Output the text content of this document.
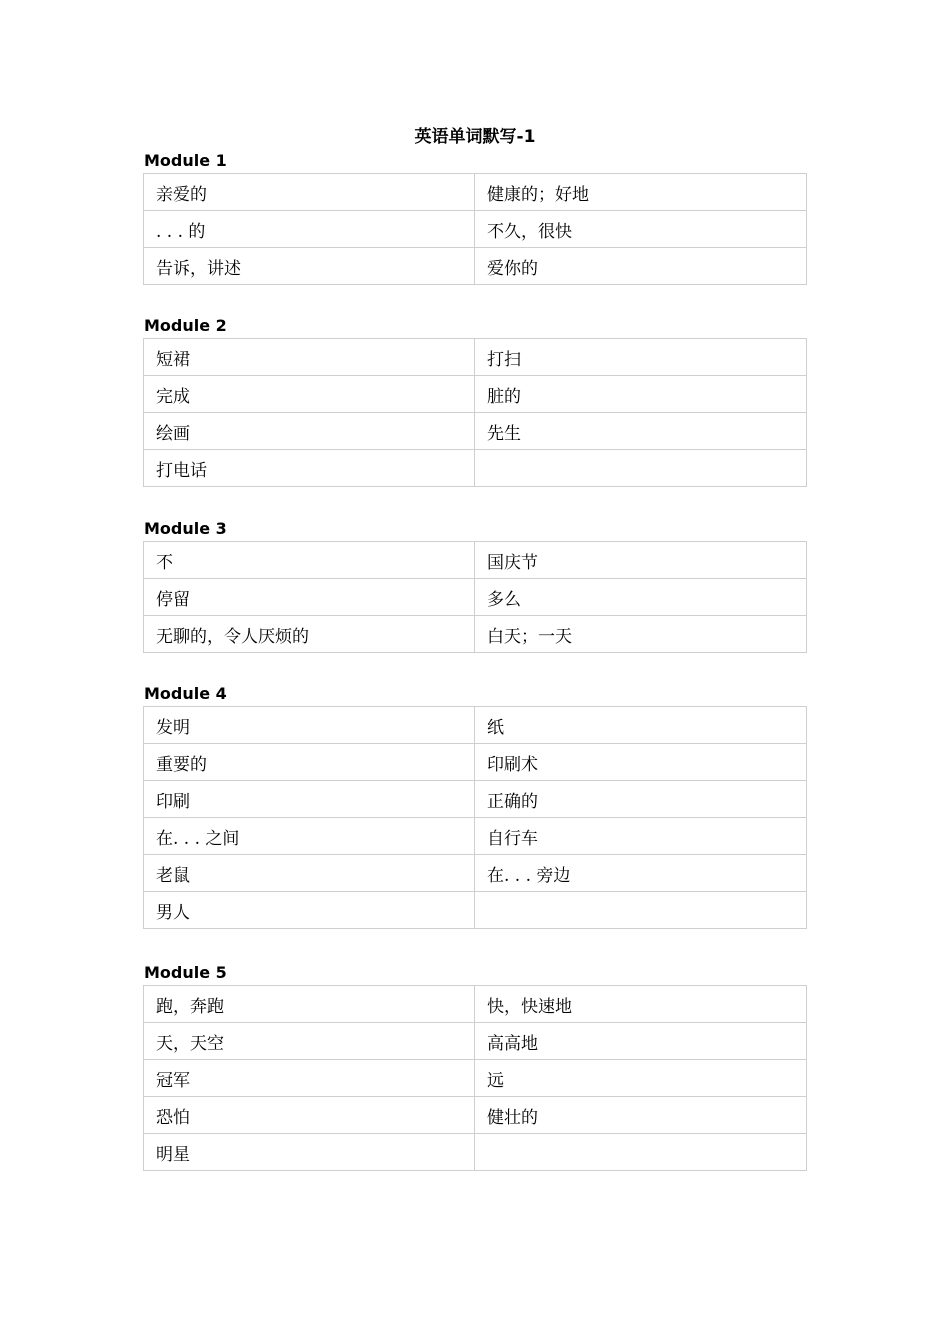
英语单词默写-1
Module 1
亲爱的	健康的；好地
. . . 的	不久，很快
告诉，讲述	爱你的
Module 2
短裙	打扫
完成	脏的
绘画	先生
打电话	
Module 3
不	国庆节
停留	多么
无聊的，令人厌烦的	白天；一天
Module 4
发明	纸
重要的	印刷术
印刷	正确的
在. . . 之间	自行车
老鼠	在. . . 旁边
男人	
Module 5
跑，奔跑	快，快速地
天，天空	高高地
冠军	远
恐怕	健壮的
明星	
